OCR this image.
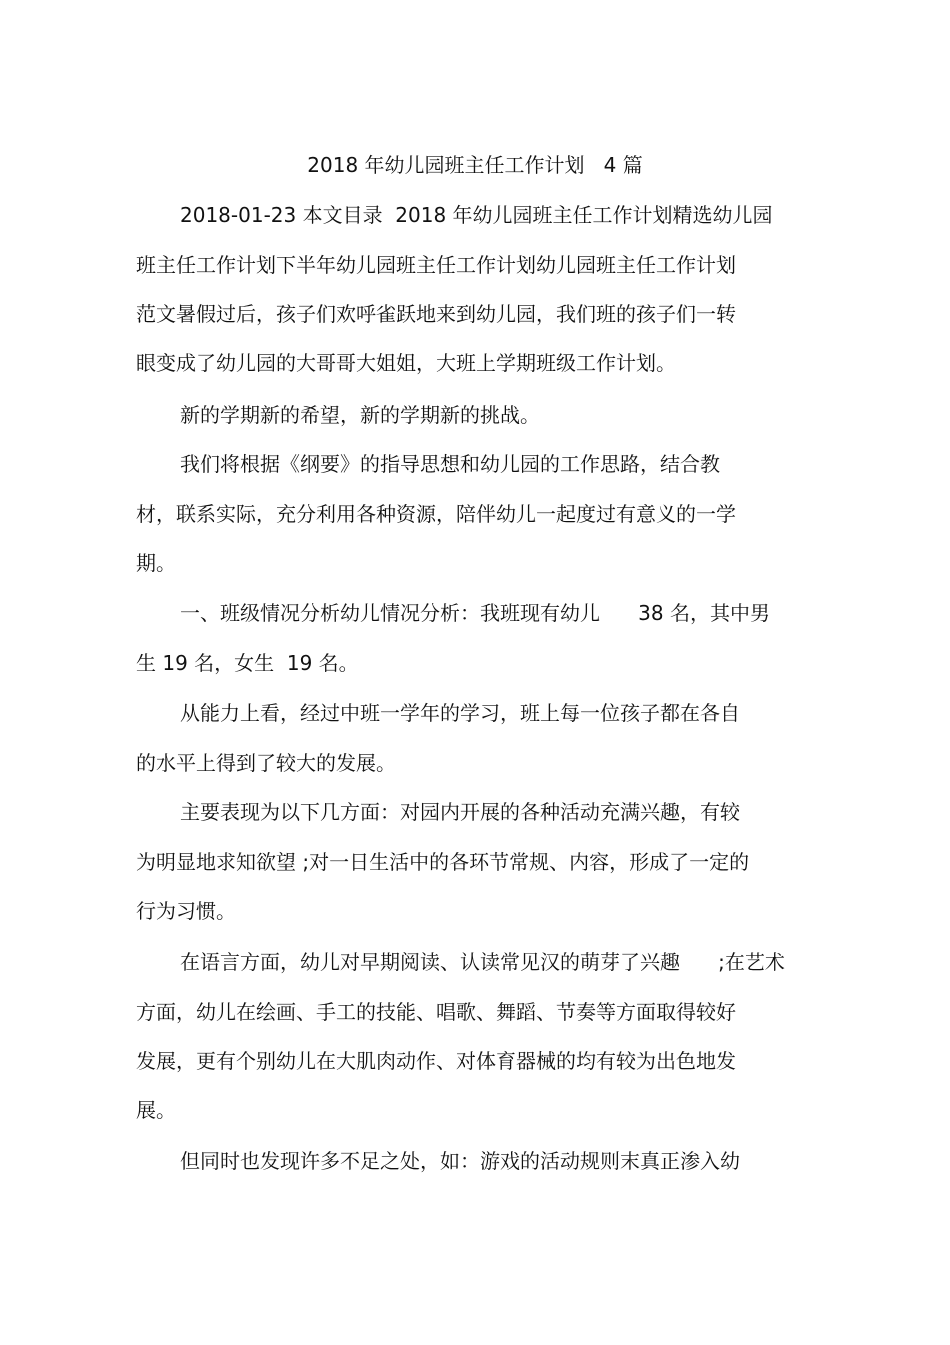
2018 年幼儿园班主任工作计划   4 篇
2018-01-23 本文目录  2018 年幼儿园班主任工作计划精选幼儿园
班主任工作计划下半年幼儿园班主任工作计划幼儿园班主任工作计划
范文暑假过后，孩子们欢呼雀跃地来到幼儿园，我们班的孩子们一转
眼变成了幼儿园的大哥哥大姐姐，大班上学期班级工作计划。
新的学期新的希望，新的学期新的挑战。
我们将根据《纲要》的指导思想和幼儿园的工作思路，结合教
材，联系实际，充分利用各种资源，陪伴幼儿一起度过有意义的一学
期。
一、班级情况分析幼儿情况分析：我班现有幼儿      38 名，其中男
生 19 名，女生  19 名。
从能力上看，经过中班一学年的学习，班上每一位孩子都在各自
的水平上得到了较大的发展。
主要表现为以下几方面：对园内开展的各种活动充满兴趣，有较
为明显地求知欲望 ;对一日生活中的各环节常规、内容，形成了一定的
行为习惯。
在语言方面，幼儿对早期阅读、认读常见汉的萌芽了兴趣      ;在艺术
方面，幼儿在绘画、手工的技能、唱歌、舞蹈、节奏等方面取得较好
发展，更有个别幼儿在大肌肉动作、对体育器械的均有较为出色地发
展。
但同时也发现许多不足之处，如：游戏的活动规则末真正渗入幼
